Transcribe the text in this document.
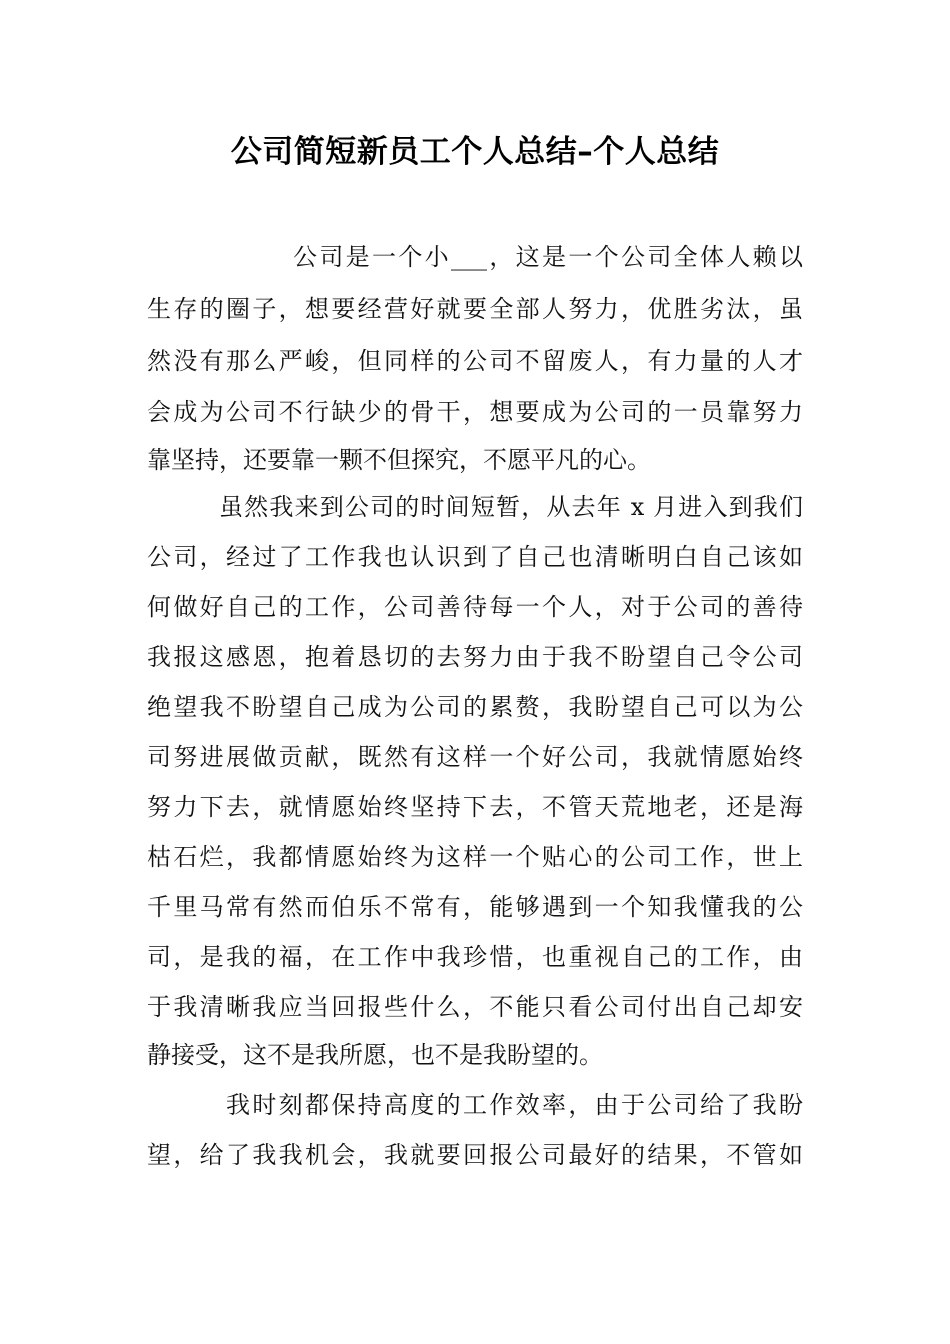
公司简短新员工个人总结–个人总结
公司是一个小___，这是一个公司全体人赖以
生存的圈子，想要经营好就要全部人努力，优胜劣汰，虽
然没有那么严峻，但同样的公司不留废人，有力量的人才
会成为公司不行缺少的骨干，想要成为公司的一员靠努力
靠坚持，还要靠一颗不但探究，不愿平凡的心。
虽然我来到公司的时间短暂，从去年 x 月进入到我们
公司，经过了工作我也认识到了自己也清晰明白自己该如
何做好自己的工作，公司善待每一个人，对于公司的善待
我报这感恩，抱着恳切的去努力由于我不盼望自己令公司
绝望我不盼望自己成为公司的累赘，我盼望自己可以为公
司努进展做贡献，既然有这样一个好公司，我就情愿始终
努力下去，就情愿始终坚持下去，不管天荒地老，还是海
枯石烂，我都情愿始终为这样一个贴心的公司工作，世上
千里马常有然而伯乐不常有，能够遇到一个知我懂我的公
司，是我的福，在工作中我珍惜，也重视自己的工作，由
于我清晰我应当回报些什么，不能只看公司付出自己却安
静接受，这不是我所愿，也不是我盼望的。
我时刻都保持高度的工作效率，由于公司给了我盼
望，给了我我机会，我就要回报公司最好的结果，不管如
